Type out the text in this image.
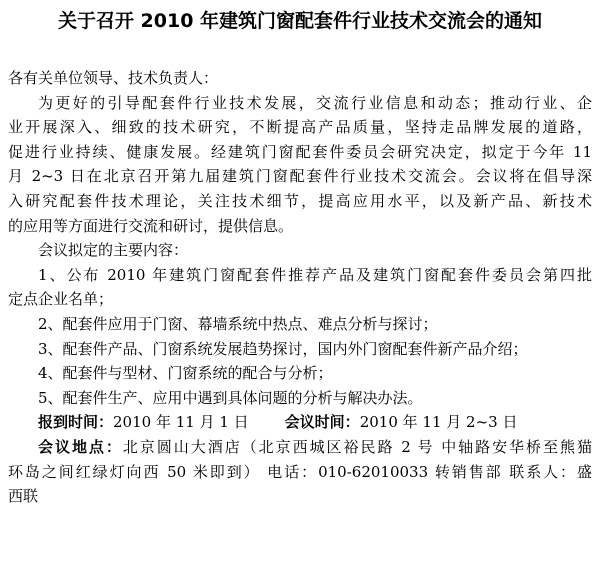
关于召开 2010 年建筑门窗配套件行业技术交流会的通知
各有关单位领导、技术负责人：
为更好的引导配套件行业技术发展，交流行业信息和动态；推动行业、企
业开展深入、细致的技术研究，不断提高产品质量，坚持走品牌发展的道路，
促进行业持续、健康发展。经建筑门窗配套件委员会研究决定，拟定于今年 11
月 2~3 日在北京召开第九届建筑门窗配套件行业技术交流会。会议将在倡导深
入研究配套件技术理论，关注技术细节，提高应用水平，以及新产品、新技术
的应用等方面进行交流和研讨，提供信息。
会议拟定的主要内容：
1、公布 2010 年建筑门窗配套件推荐产品及建筑门窗配套件委员会第四批
定点企业名单；
2、配套件应用于门窗、幕墙系统中热点、难点分析与探讨；
3、配套件产品、门窗系统发展趋势探讨，国内外门窗配套件新产品介绍；
4、配套件与型材、门窗系统的配合与分析；
5、配套件生产、应用中遇到具体问题的分析与解决办法。
报到时间：2010 年 11 月 1 日 会议时间：2010 年 11 月 2~3 日
会议地点：北京圆山大酒店（北京西城区裕民路 2 号 中轴路安华桥至熊猫
环岛之间红绿灯向西 50 米即到） 电话：010-62010033 转销售部 联系人：盛
西联
